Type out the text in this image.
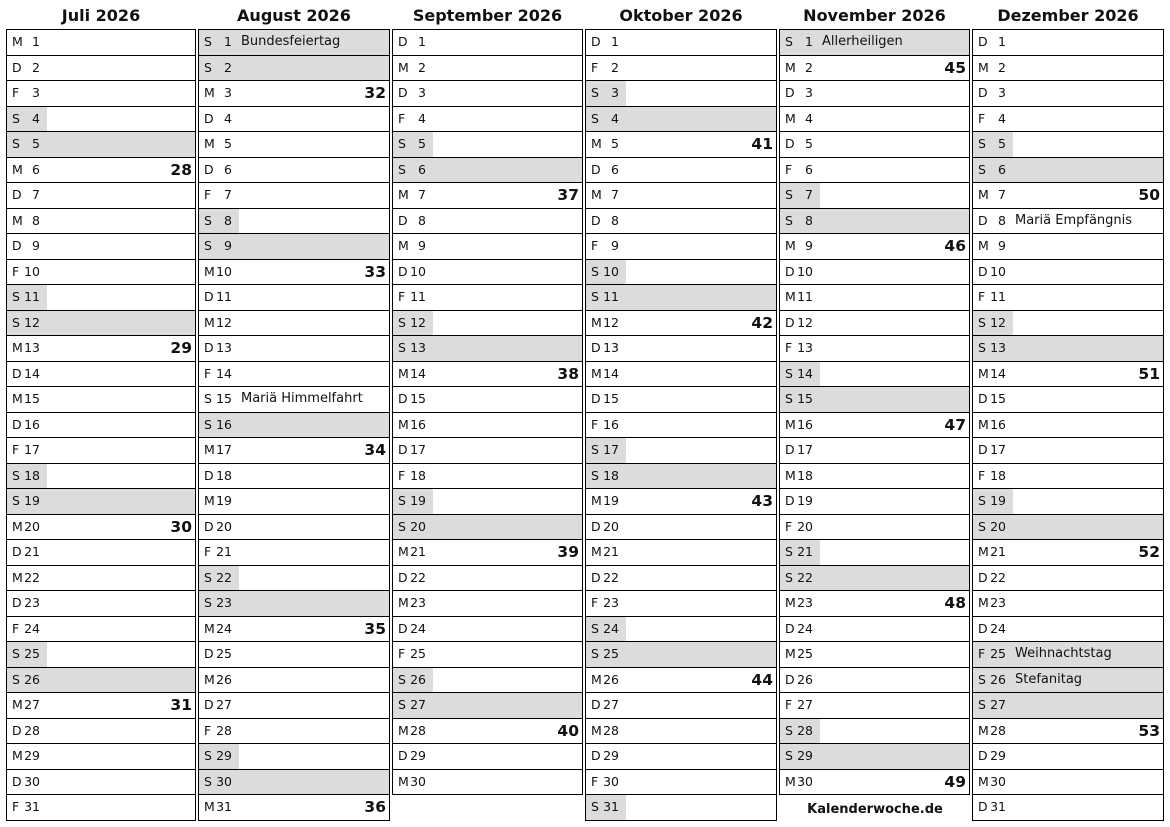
Juli 2026
M 1
D 2
F	3
S 4
S 5
M 6	28
D 7
M 8
D 9
F 10
S 11
S 12
M 13	29
D 14
M 15
D 16
F 17
S 18
S 19
M 20	30
D 21
M 22
D 23
F 24
S 25
S 26
M 27	31
D 28
M 29
D 30
F 31
August 2026
S 1 Bundesfeiertag
S 2
M 3	32
D 4
M 5
D 6
F	7
S 8
S 9
M 10	33
D 11
M 12
D 13
F 14
S 15 Mariä Himmelfahrt
S 16
M 17	34
D 18
M 19
D 20
F 21
S 22
S 23
M 24	35
D 25
M 26
D 27
F 28
S 29
S 30
M 31	36
September 2026
D 1
M 2
D 3
F	4
S 5
S 6
M 7	37
D 8
M 9
D 10
F 11
S 12
S 13
M 14	38
D 15
M 16
D 17
F 18
S 19
S 20
M 21	39
D 22
M 23
D 24
F 25
S 26
S 27
M 28	40
D 29
M 30
Oktober 2026
D 1
F	2
S 3
S 4
M 5	41
D 6
M 7
D 8
F	9
S 10
S 11
M 12	42
D 13
M 14
D 15
F 16
S 17
S 18
M 19	43
D 20
M 21
D 22
F 23
S 24
S 25
M 26	44
D 27
M 28
D 29
F 30
S 31
November 2026
S 1 Allerheiligen
M 2	45
D 3
M 4
D 5
F	6
S 7
S 8
M 9	46
D 10
M 11
D 12
F 13
S 14
S 15
M 16	47
D 17
M 18
D 19
F 20
S 21
S 22
M 23	48
D 24
M 25
D 26
F 27
S 28
S 29
M 30	49
Dezember 2026
D 1
M 2
D 3
F	4
S 5
S 6
M 7	50
D 8 Mariä Empfängnis
M 9
D 10
F 11
S 12
S 13
M 14	51
D 15
M 16
D 17
F 18
S 19
S 20
M 21	52
D 22
M 23
D 24
F 25 Weihnachtstag
S 26 Stefanitag
S 27
M 28	53
D 29
M 30
D 31
Kalenderwoche.de
